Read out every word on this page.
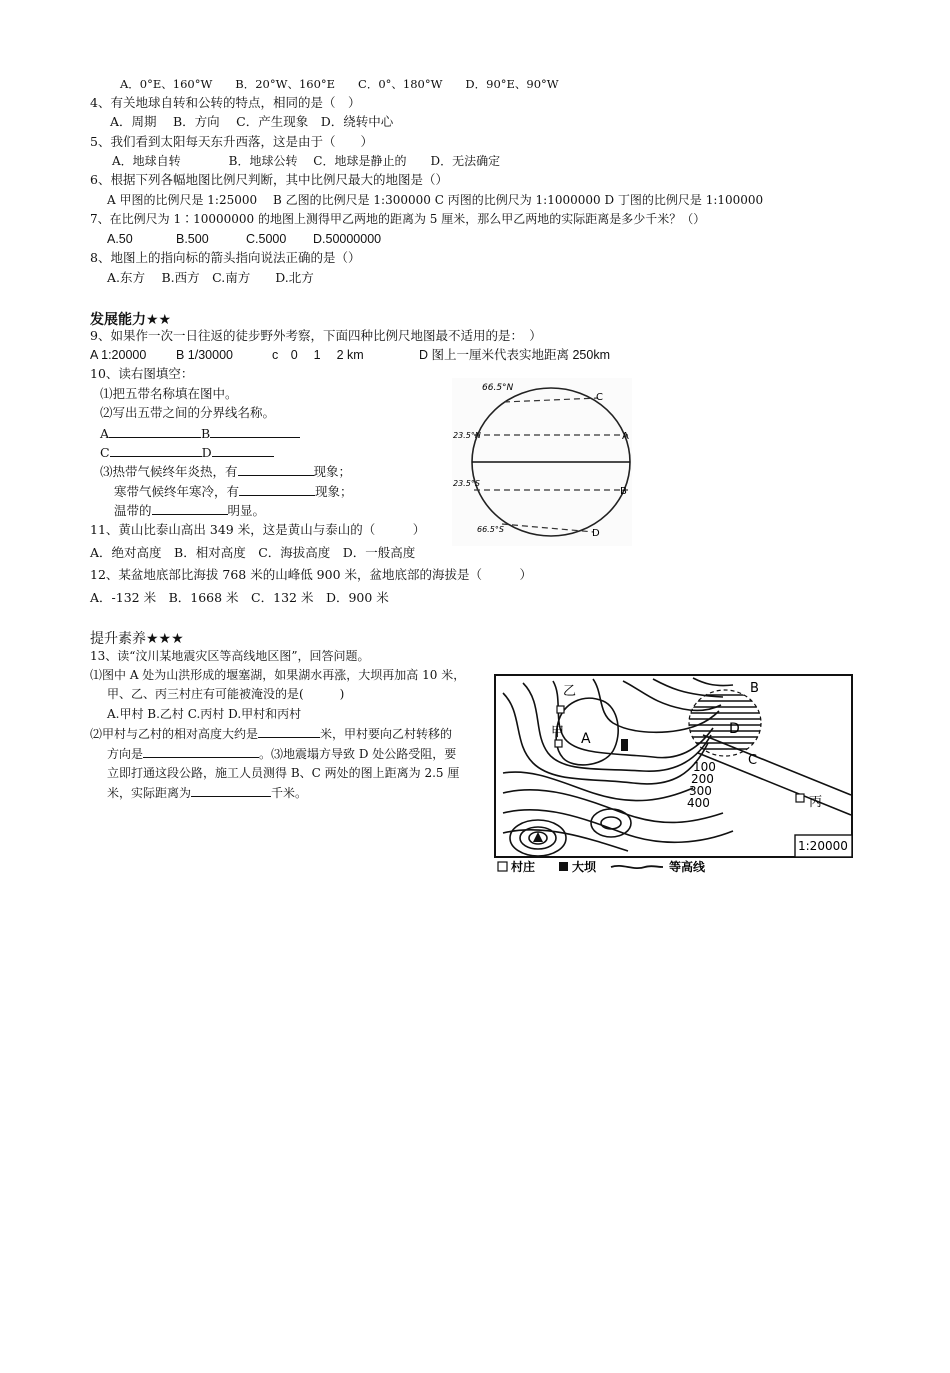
A．0°E、160°W　　B．20°W、160°E　　C．0°、180°W　　D．90°E、90°W
4、有关地球自转和公转的特点，相同的是（　）
A．周期　 B．方向　 C．产生现象　D．绕转中心
5、我们看到太阳每天东升西落，这是由于（　　）
A．地球自转　　　　B．地球公转　 C．地球是静止的　　D．无法确定
6、根据下列各幅地图比例尺判断，其中比例尺最大的地图是（）
A 甲图的比例尺是 1:25000　 B 乙图的比例尺是 1:300000 C 丙图的比例尺为 1:1000000 D 丁图的比例尺是 1:100000
7、在比例尺为 1∶10000000 的地图上测得甲乙两地的距离为 5 厘米，那么甲乙两地的实际距离是多少千米？（）
A.50	B.500	C.5000 D.50000000
8、地图上的指向标的箭头指向说法正确的是（）
A.东方　 B.西方　C.南方　　D.北方
发展能力★★
9、如果作一次一日往返的徒步野外考察，下面四种比例尺地图最不适用的是：　）
A 1:20000 B 1/30000	c　0　 1　 2 km	D 图上一厘米代表实地距离 250km
10、读右图填空：
⑴把五带名称填在图中。
⑵写出五带之间的分界线名称。
A	B
C	D
⑶热带气候终年炎热，有	现象；
寒带气候终年寒冷，有	现象；
温带的	明显。
66.5°N
23.5°N
23.5°S
66.5°S
C
A
B
D
11、黄山比泰山高出 349 米，这是黄山与泰山的（　　　）
A．绝对高度　B．相对高度　C．海拔高度　D．一般高度
12、某盆地底部比海拔 768 米的山峰低 900 米，盆地底部的海拔是（　　　）
A．-132 米　B．1668 米　C．132 米　D．900 米
提升素养★★★
13、读“汶川某地震灾区等高线地区图”，回答问题。
⑴图中 A 处为山洪形成的堰塞湖，如果湖水再涨，大坝再加高 10 米，
甲、乙、丙三村庄有可能被淹没的是(　　　)
A.甲村 B.乙村 C.丙村 D.甲村和丙村
⑵甲村与乙村的相对高度大约是	米，甲村要向乙村转移的
方向是	。⑶地震塌方导致 D 处公路受阻，要
立即打通这段公路，施工人员测得 B、C 两处的图上距离为 2.5 厘
米，实际距离为	千米。
乙
甲 A
B
D
C
丙
100
200
300
400
1:20000
村庄	大坝	等高线
